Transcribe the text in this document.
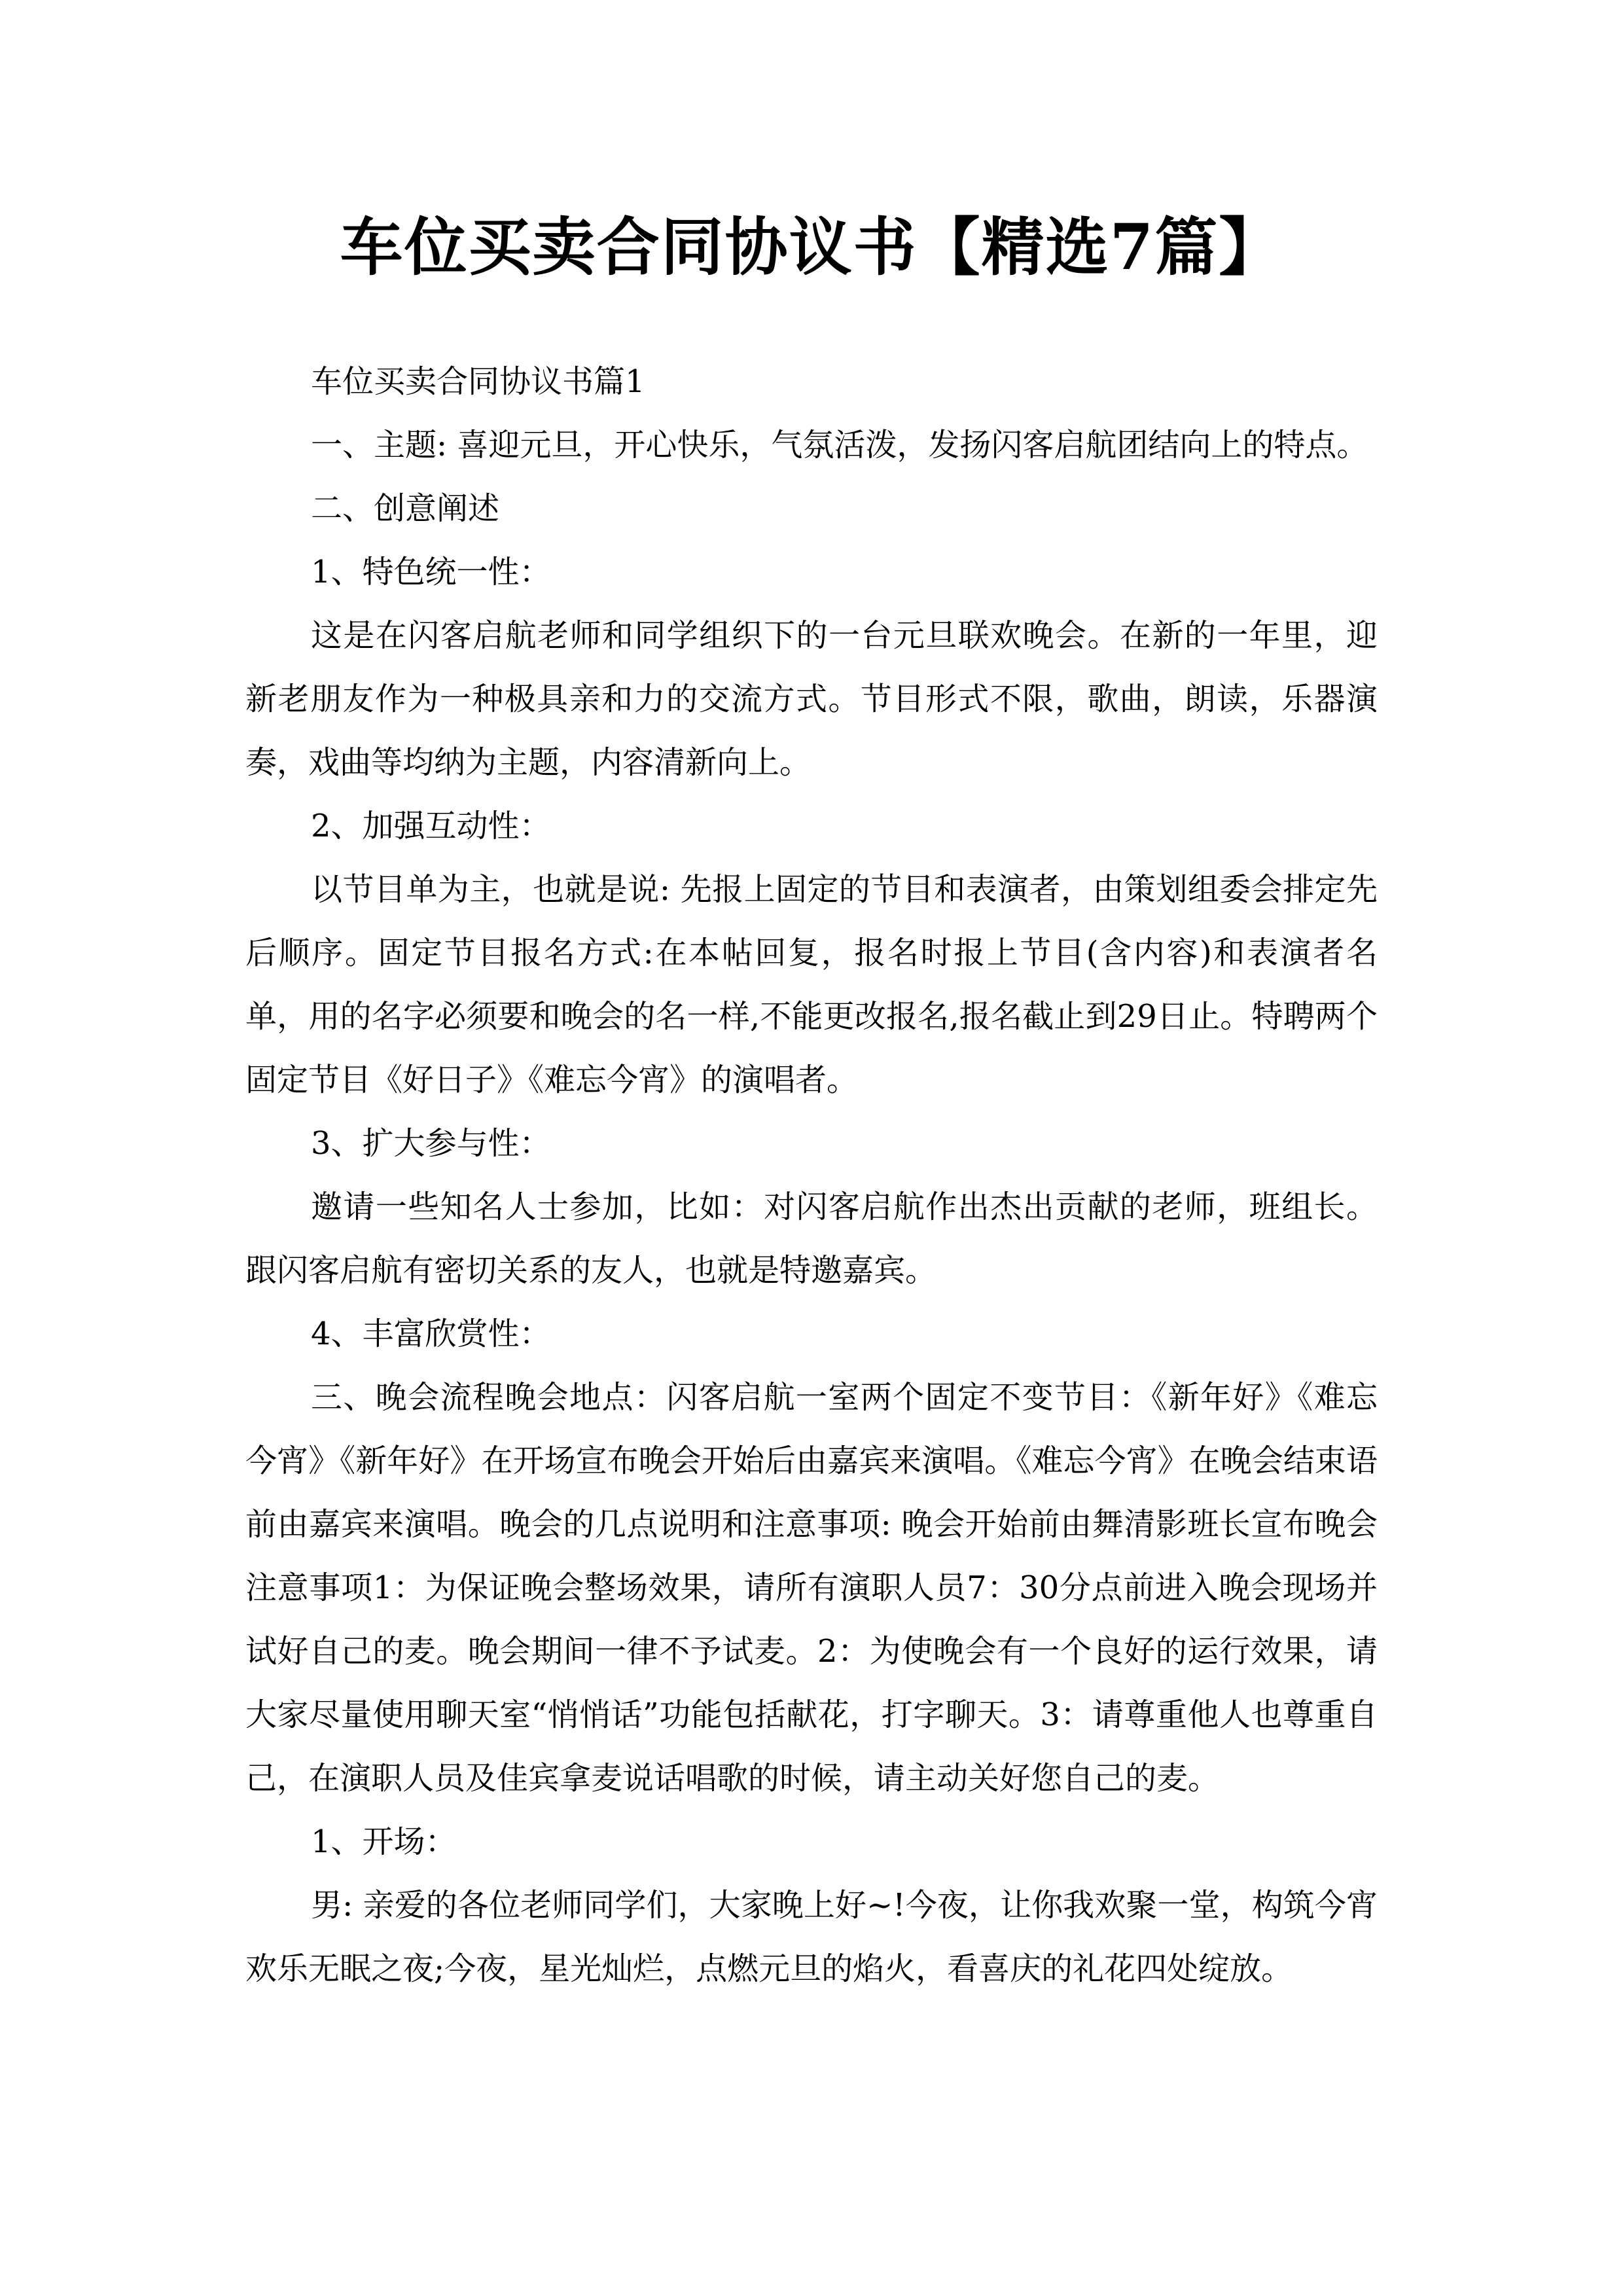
车位买卖合同协议书【精选7篇】

车位买卖合同协议书篇1

一、主题: 喜迎元旦，开心快乐，气氛活泼，发扬闪客启航团结向上的特点。

二、创意阐述

1、特色统一性：

这是在闪客启航老师和同学组织下的一台元旦联欢晚会。在新的一年里，迎新老朋友作为一种极具亲和力的交流方式。节目形式不限，歌曲，朗读，乐器演奏，戏曲等均纳为主题，内容清新向上。

2、加强互动性：

以节目单为主，也就是说: 先报上固定的节目和表演者，由策划组委会排定先后顺序。固定节目报名方式:在本帖回复，报名时报上节目(含内容)和表演者名单，用的名字必须要和晚会的名一样,不能更改报名,报名截止到29日止。特聘两个固定节目《好日子》《难忘今宵》的演唱者。

3、扩大参与性：

邀请一些知名人士参加，比如：对闪客启航作出杰出贡献的老师，班组长。跟闪客启航有密切关系的友人，也就是特邀嘉宾。

4、丰富欣赏性：

三、晚会流程晚会地点：闪客启航一室两个固定不变节目：《新年好》《难忘今宵》《新年好》在开场宣布晚会开始后由嘉宾来演唱。《难忘今宵》在晚会结束语前由嘉宾来演唱。晚会的几点说明和注意事项: 晚会开始前由舞清影班长宣布晚会注意事项1：为保证晚会整场效果，请所有演职人员7：30分点前进入晚会现场并试好自己的麦。晚会期间一律不予试麦。2：为使晚会有一个良好的运行效果，请大家尽量使用聊天室“悄悄话”功能包括献花，打字聊天。3：请尊重他人也尊重自己，在演职人员及佳宾拿麦说话唱歌的时候，请主动关好您自己的麦。

1、开场：

男: 亲爱的各位老师同学们，大家晚上好~!今夜，让你我欢聚一堂，构筑今宵欢乐无眠之夜;今夜，星光灿烂，点燃元旦的焰火，看喜庆的礼花四处绽放。
